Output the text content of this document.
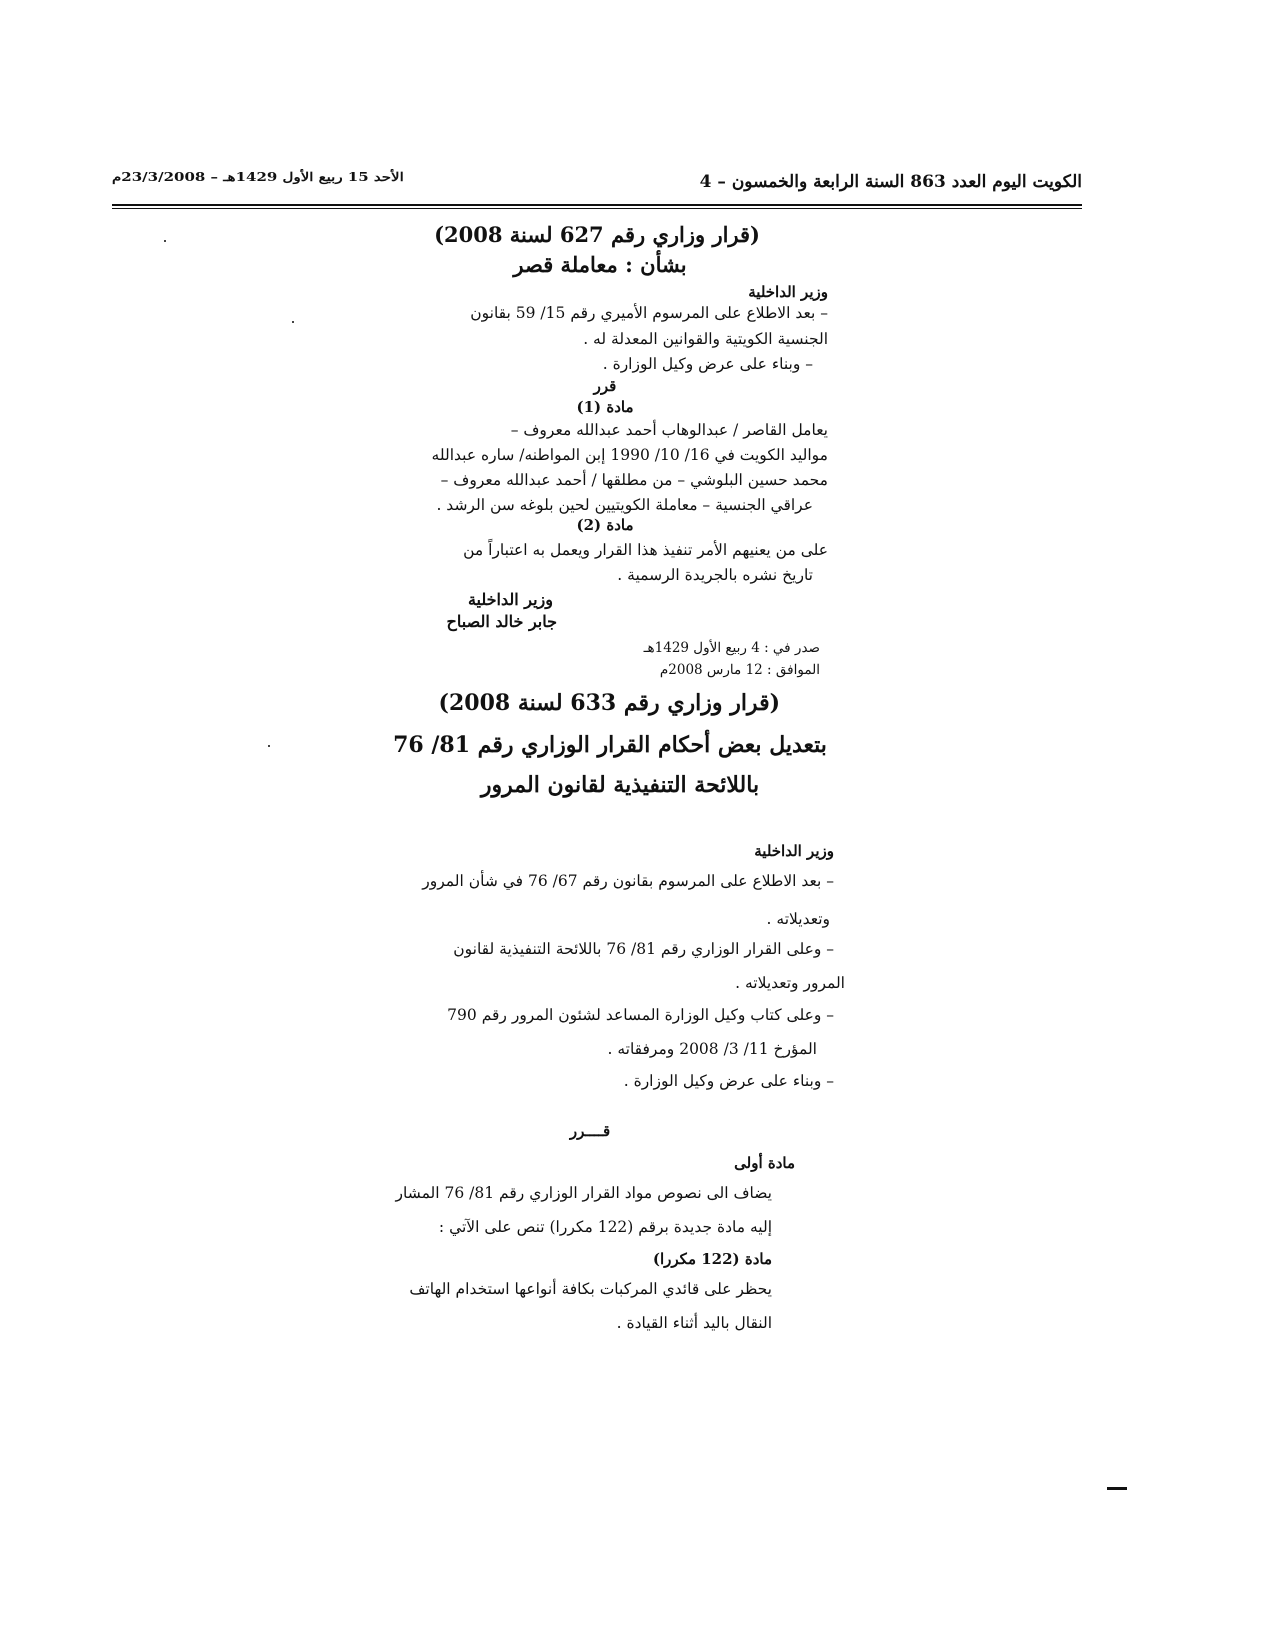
الكويت اليوم العدد 863 السنة الرابعة والخمسون – 4
الأحد 15 ربيع الأول 1429هـ – 23/3/2008م
(قرار وزاري رقم 627 لسنة 2008)
بشأن : معاملة قصر
وزير الداخلية
– بعد الاطلاع على المرسوم الأميري رقم 15/ 59 بقانون
الجنسية الكويتية والقوانين المعدلة له .
– وبناء على عرض وكيل الوزارة .
قرر
مادة (1)
يعامل القاصر / عبدالوهاب أحمد عبدالله معروف –
مواليد الكويت في 16/ 10/ 1990 إبن المواطنه/ ساره عبدالله
محمد حسين البلوشي – من مطلقها / أحمد عبدالله معروف –
عراقي الجنسية – معاملة الكويتيين لحين بلوغه سن الرشد .
مادة (2)
على من يعنيهم الأمر تنفيذ هذا القرار ويعمل به اعتباراً من
تاريخ نشره بالجريدة الرسمية .
وزير الداخلية
جابر خالد الصباح
صدر في : 4 ربيع الأول 1429هـ
الموافق : 12 مارس 2008م
(قرار وزاري رقم 633 لسنة 2008)
بتعديل بعض أحكام القرار الوزاري رقم 81/ 76
باللائحة التنفيذية لقانون المرور
وزير الداخلية
– بعد الاطلاع على المرسوم بقانون رقم 67/ 76 في شأن المرور
وتعديلاته .
– وعلى القرار الوزاري رقم 81/ 76 باللائحة التنفيذية لقانون
المرور وتعديلاته .
– وعلى كتاب وكيل الوزارة المساعد لشئون المرور رقم 790
المؤرخ 11/ 3/ 2008 ومرفقاته .
– وبناء على عرض وكيل الوزارة .
قــــرر
مادة أولى
يضاف الى نصوص مواد القرار الوزاري رقم 81/ 76 المشار
إليه مادة جديدة برقم (122 مكررا) تنص على الآتي :
مادة (122 مكررا)
يحظر على قائدي المركبات بكافة أنواعها استخدام الهاتف
النقال باليد أثناء القيادة .
